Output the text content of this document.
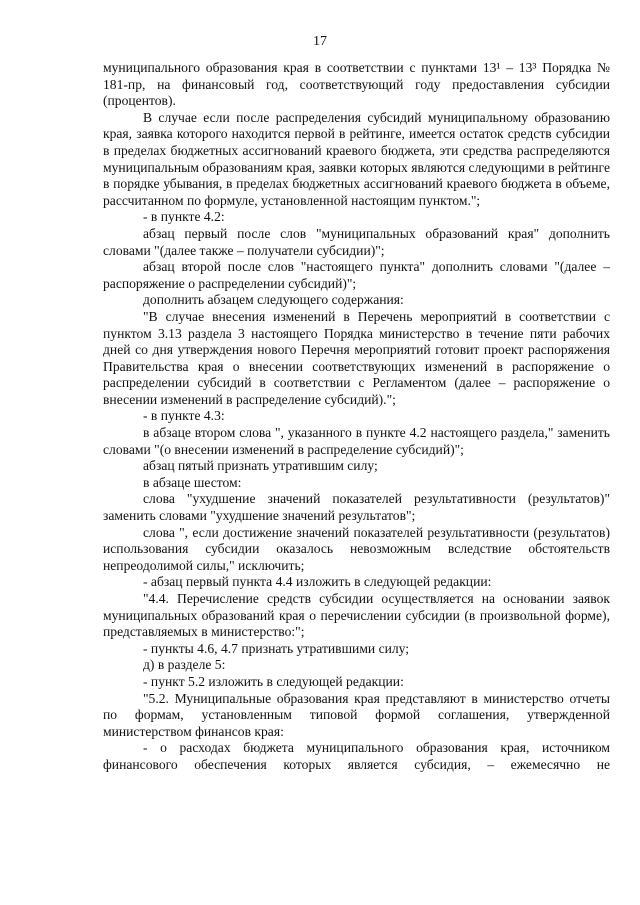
17

муниципального образования края в соответствии с пунктами 13¹ – 13³ Порядка № 181-пр, на финансовый год, соответствующий году предоставления субсидии (процентов).

В случае если после распределения субсидий муниципальному образованию края, заявка которого находится первой в рейтинге, имеется остаток средств субсидии в пределах бюджетных ассигнований краевого бюджета, эти средства распределяются муниципальным образованиям края, заявки которых являются следующими в рейтинге в порядке убывания, в пределах бюджетных ассигнований краевого бюджета в объеме, рассчитанном по формуле, установленной настоящим пунктом.";

- в пункте 4.2:

абзац первый после слов "муниципальных образований края" дополнить словами "(далее также – получатели субсидии)";

абзац второй после слов "настоящего пункта" дополнить словами "(далее – распоряжение о распределении субсидий)";

дополнить абзацем следующего содержания:

"В случае внесения изменений в Перечень мероприятий в соответствии с пунктом 3.13 раздела 3 настоящего Порядка министерство в течение пяти рабочих дней со дня утверждения нового Перечня мероприятий готовит проект распоряжения Правительства края о внесении соответствующих изменений в распоряжение о распределении субсидий в соответствии с Регламентом (далее – распоряжение о внесении изменений в распределение субсидий).";

- в пункте 4.3:

в абзаце втором слова ", указанного в пункте 4.2 настоящего раздела," заменить словами "(о внесении изменений в распределение субсидий)";

абзац пятый признать утратившим силу;

в абзаце шестом:

слова "ухудшение значений показателей результативности (результатов)" заменить словами "ухудшение значений результатов";

слова ", если достижение значений показателей результативности (результатов) использования субсидии оказалось невозможным вследствие обстоятельств непреодолимой силы," исключить;

- абзац первый пункта 4.4 изложить в следующей редакции:

"4.4. Перечисление средств субсидии осуществляется на основании заявок муниципальных образований края о перечислении субсидии (в произвольной форме), представляемых в министерство:";

- пункты 4.6, 4.7 признать утратившими силу;

д) в разделе 5:

- пункт 5.2 изложить в следующей редакции:

"5.2. Муниципальные образования края представляют в министерство отчеты по формам, установленным типовой формой соглашения, утвержденной министерством финансов края:

- о расходах бюджета муниципального образования края, источником финансового обеспечения которых является субсидия, – ежемесячно не
